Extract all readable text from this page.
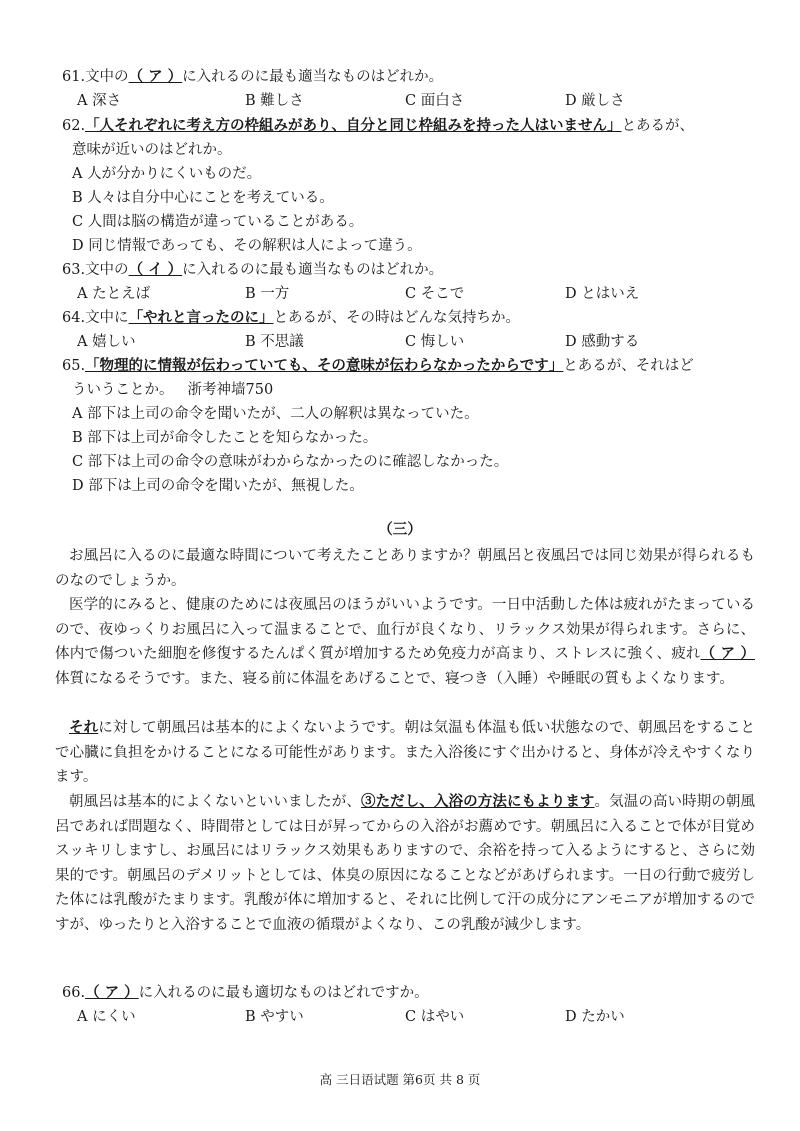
61.文中の（ ア ）に入れるのに最も適当なものはどれか。
A 深さ	B 難しさ	C 面白さ	D 厳しさ
62.「人それぞれに考え方の枠組みがあり、自分と同じ枠組みを持った人はいません」とあるが、
意味が近いのはどれか。
A 人が分かりにくいものだ。
B 人々は自分中心にことを考えている。
C 人間は脳の構造が違っていることがある。
D 同じ情報であっても、その解釈は人によって違う。
63.文中の（ イ ）に入れるのに最も適当なものはどれか。
A たとえば	B 一方	C そこで	D とはいえ
64.文中に「やれと言ったのに」とあるが、その時はどんな気持ちか。
A 嬉しい	B 不思議	C 悔しい	D 感動する
65.「物理的に情報が伝わっていても、その意味が伝わらなかったからです」とあるが、それはど
ういうことか。 浙考神墙750
A 部下は上司の命令を聞いたが、二人の解釈は異なっていた。
B 部下は上司が命令したことを知らなかった。
C 部下は上司の命令の意味がわからなかったのに確認しなかった。
D 部下は上司の命令を聞いたが、無視した。
（三）
お風呂に入るのに最適な時間について考えたことありますか？朝風呂と夜風呂では同じ効果が得られるものなのでしょうか。
医学的にみると、健康のためには夜風呂のほうがいいようです。一日中活動した体は疲れがたまっているので、夜ゆっくりお風呂に入って温まることで、血行が良くなり、リラックス効果が得られます。さらに、体内で傷ついた細胞を修復するたんぱく質が増加するため免疫力が高まり、ストレスに強く、疲れ（ ア ）体質になるそうです。また、寝る前に体温をあげることで、寝つき（入睡）や睡眠の質もよくなります。
それに対して朝風呂は基本的によくないようです。朝は気温も体温も低い状態なので、朝風呂をすることで心臓に負担をかけることになる可能性があります。また入浴後にすぐ出かけると、身体が冷えやすくなります。
朝風呂は基本的によくないといいましたが、③ただし、入浴の方法にもよります。気温の高い時期の朝風呂であれば問題なく、時間帯としては日が昇ってからの入浴がお薦めです。朝風呂に入ることで体が目覚めスッキリしますし、お風呂にはリラックス効果もありますので、余裕を持って入るようにすると、さらに効果的です。朝風呂のデメリットとしては、体臭の原因になることなどがあげられます。一日の行動で疲労した体には乳酸がたまります。乳酸が体に増加すると、それに比例して汗の成分にアンモニアが増加するのですが、ゆったりと入浴することで血液の循環がよくなり、この乳酸が減少します。
66.（ ア ）に入れるのに最も適切なものはどれですか。
A にくい	B やすい	C はやい	D たかい
高 三日语试题 第6页 共 8 页
